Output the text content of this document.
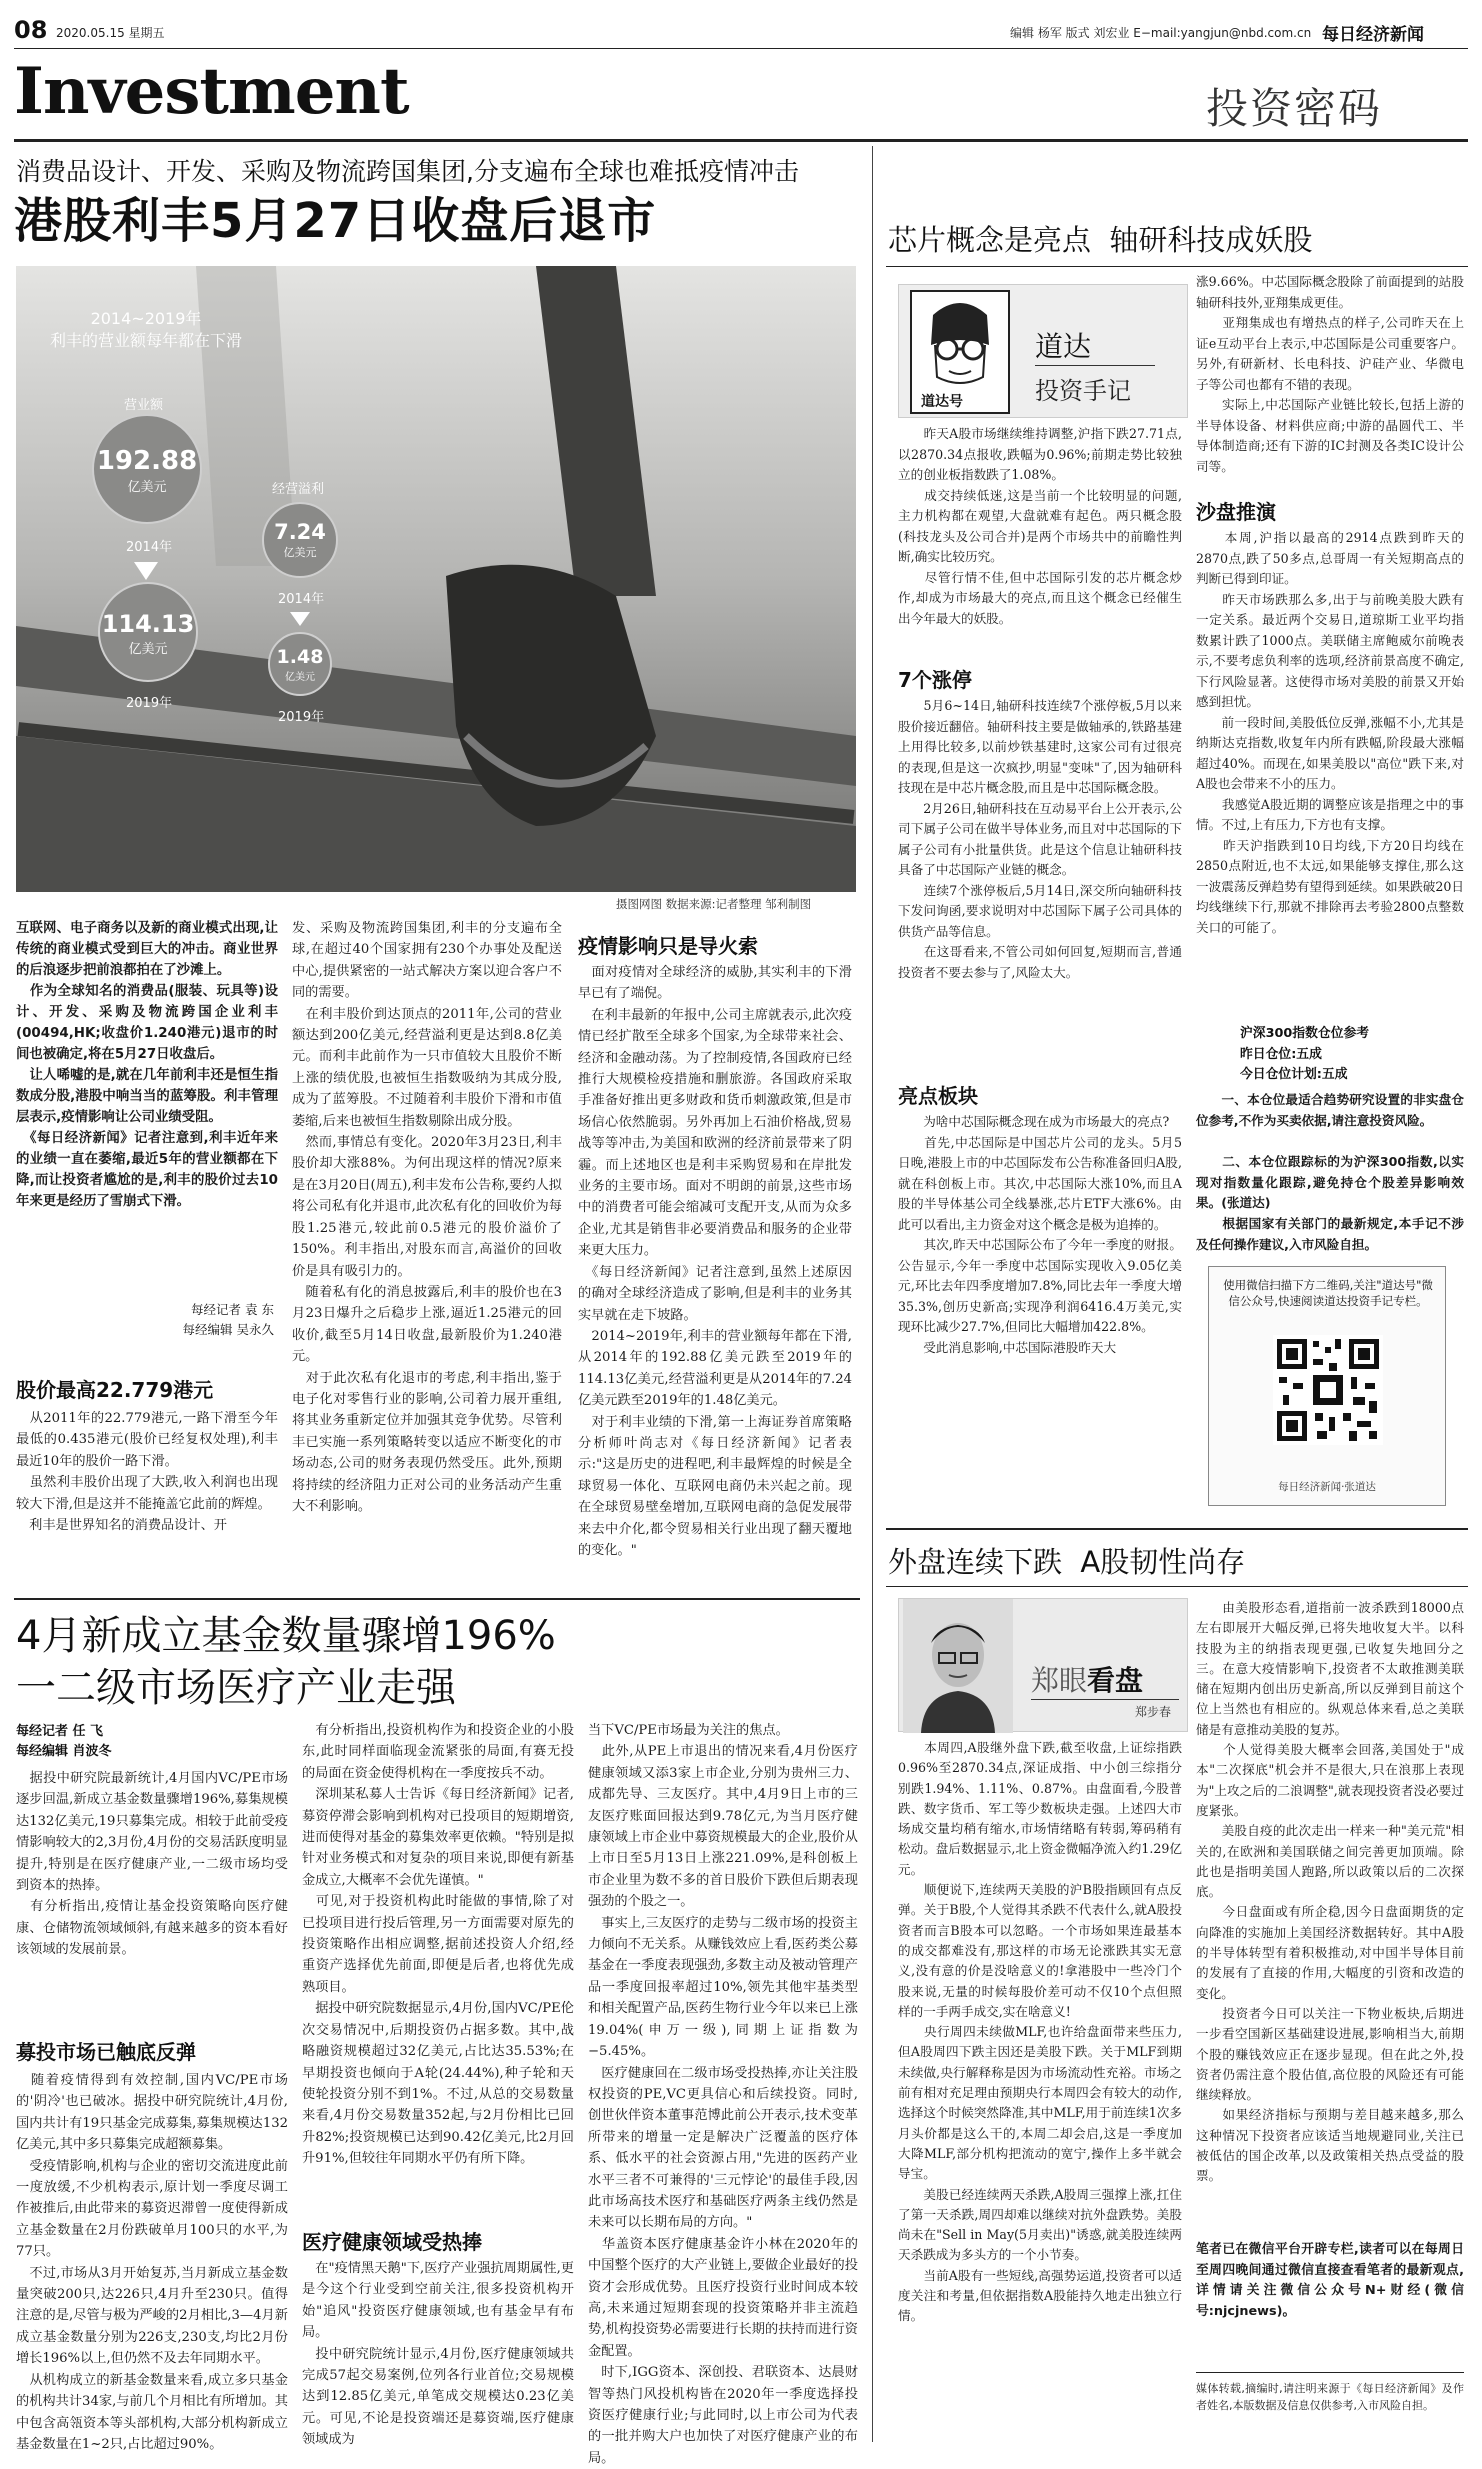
08 2020.05.15 星期五	编辑 杨军 版式 刘宏业 E−mail:yangjun@nbd.com.cn 每日经济新闻
Investment	投资密码
消费品设计、开发、采购及物流跨国集团,分支遍布全球也难抵疫情冲击
港股利丰5月27日收盘后退市
2014~2019年
利丰的营业额每年都在下滑
营业额
192.88
亿美元
2014年
114.13
亿美元
2019年
经营溢利
7.24
亿美元
2014年
1.48
亿美元
2019年
摄图网图 数据来源:记者整理 邹利制图
互联网、电子商务以及新的商业模式出现,让传统的商业模式受到巨大的冲击。商业世界的后浪逐步把前浪都拍在了沙滩上。
　作为全球知名的消费品(服装、玩具等)设计、开发、采购及物流跨国企业利丰(00494,HK;收盘价1.240港元)退市的时间也被确定,将在5月27日收盘后。
　让人唏嘘的是,就在几年前利丰还是恒生指数成分股,港股中响当当的蓝筹股。利丰管理层表示,疫情影响让公司业绩受阻。
　《每日经济新闻》记者注意到,利丰近年来的业绩一直在萎缩,最近5年的营业额都在下降,而让投资者尴尬的是,利丰的股价过去10年来更是经历了雪崩式下滑。
每经记者 袁 东
每经编辑 吴永久
股价最高22.779港元
　从2011年的22.779港元,一路下滑至今年最低的0.435港元(股价已经复权处理),利丰最近10年的股价一路下滑。
　虽然利丰股价出现了大跌,收入利润也出现较大下滑,但是这并不能掩盖它此前的辉煌。
　利丰是世界知名的消费品设计、开
发、采购及物流跨国集团,利丰的分支遍布全球,在超过40个国家拥有230个办事处及配送中心,提供紧密的一站式解决方案以迎合客户不同的需要。
　在利丰股价到达顶点的2011年,公司的营业额达到200亿美元,经营溢利更是达到8.8亿美元。而利丰此前作为一只市值较大且股价不断上涨的绩优股,也被恒生指数吸纳为其成分股,成为了蓝筹股。不过随着利丰股价下滑和市值萎缩,后来也被恒生指数剔除出成分股。
　然而,事情总有变化。2020年3月23日,利丰股价却大涨88%。为何出现这样的情况?原来是在3月20日(周五),利丰发布公告称,要约人拟将公司私有化并退市,此次私有化的回收价为每股1.25港元,较此前0.5港元的股价溢价了150%。利丰指出,对股东而言,高溢价的回收价是具有吸引力的。
　随着私有化的消息披露后,利丰的股价也在3月23日爆升之后稳步上涨,逼近1.25港元的回收价,截至5月14日收盘,最新股价为1.240港元。
　对于此次私有化退市的考虑,利丰指出,鉴于电子化对零售行业的影响,公司着力展开重组,将其业务重新定位并加强其竞争优势。尽管利丰已实施一系列策略转变以适应不断变化的市场动态,公司的财务表现仍然受压。此外,预期将持续的经济阻力正对公司的业务活动产生重大不利影响。
疫情影响只是导火索
　面对疫情对全球经济的威胁,其实利丰的下滑早已有了端倪。
　在利丰最新的年报中,公司主席就表示,此次疫情已经扩散至全球多个国家,为全球带来社会、经济和金融动荡。为了控制疫情,各国政府已经推行大规模检疫措施和删旅游。各国政府采取手准备好推出更多财政和货币刺激政策,但是市场信心依然脆弱。另外再加上石油价格战,贸易战等等冲击,为美国和欧洲的经济前景带来了阴霾。而上述地区也是利丰采购贸易和在岸批发业务的主要市场。面对不明朗的前景,这些市场中的消费者可能会缩减可支配开支,从而为众多企业,尤其是销售非必要消费品和服务的企业带来更大压力。
　《每日经济新闻》记者注意到,虽然上述原因的确对全球经济造成了影响,但是利丰的业务其实早就在走下坡路。
　2014~2019年,利丰的营业额每年都在下滑,从2014年的192.88亿美元跌至2019年的114.13亿美元,经营溢利更是从2014年的7.24亿美元跌至2019年的1.48亿美元。
　对于利丰业绩的下滑,第一上海证券首席策略分析师叶尚志对《每日经济新闻》记者表示:"这是历史的进程吧,利丰最辉煌的时候是全球贸易一体化、互联网电商仍未兴起之前。现在全球贸易壁垒增加,互联网电商的急促发展带来去中介化,都令贸易相关行业出现了翻天覆地的变化。"
4月新成立基金数量骤增196%
一二级市场医疗产业走强
每经记者 任 飞
每经编辑 肖波冬
　据投中研究院最新统计,4月国内VC/PE市场逐步回温,新成立基金数量骤增196%,募集规模达132亿美元,19只募集完成。相较于此前受疫情影响较大的2,3月份,4月份的交易活跃度明显提升,特别是在医疗健康产业,一二级市场均受到资本的热捧。
　有分析指出,疫情让基金投资策略向医疗健康、仓储物流领域倾斜,有越来越多的资本看好该领域的发展前景。
募投市场已触底反弹
　随着疫情得到有效控制,国内VC/PE市场的'阴冷'也已破冰。据投中研究院统计,4月份,国内共计有19只基金完成募集,募集规模达132亿美元,其中多只募集完成超额募集。
　受疫情影响,机构与企业的密切交流进度此前一度放缓,不少机构表示,原计划一季度尽调工作被推后,由此带来的募资迟滞曾一度使得新成立基金数量在2月份跌破单月100只的水平,为77只。
　不过,市场从3月开始复苏,当月新成立基金数量突破200只,达226只,4月升至230只。值得注意的是,尽管与极为严峻的2月相比,3—4月新成立基金数量分别为226支,230支,均比2月份增长196%以上,但仍然不及去年同期水平。
　从机构成立的新基金数量来看,成立多只基金的机构共计34家,与前几个月相比有所增加。其中包含高瓴资本等头部机构,大部分机构新成立基金数量在1~2只,占比超过90%。
　有分析指出,投资机构作为和投资企业的小股东,此时同样面临现金流紧张的局面,有赛无投的局面在资金使得机构在一季度按兵不动。
　深圳某私募人士告诉《每日经济新闻》记者,募资停滞会影响到机构对已投项目的短期增资,进而使得对基金的募集效率更依赖。"特别是拟针对业务模式和对复杂的项目来说,即便有新基金成立,大概率不会优先谨慎。"
　可见,对于投资机构此时能做的事情,除了对已投项目进行投后管理,另一方面需要对原先的投资策略作出相应调整,据前述投资人介绍,经重资产选择优先前面,即便是后者,也将优先成熟项目。
　据投中研究院数据显示,4月份,国内VC/PE伦次交易情况中,后期投资仍占据多数。其中,战略融资规模超过32亿美元,占比达35.53%;在早期投资也倾向于A轮(24.44%),种子轮和天使轮投资分别不到1%。不过,从总的交易数量来看,4月份交易数量352起,与2月份相比已回升82%;投资规模已达到90.42亿美元,比2月回升91%,但较往年同期水平仍有所下降。
医疗健康领域受热捧
　在"疫情黑天鹅"下,医疗产业强抗周期属性,更是今这个行业受到空前关注,很多投资机构开始"追风"投资医疗健康领域,也有基金早有布局。
　投中研究院统计显示,4月份,医疗健康领域共完成57起交易案例,位列各行业首位;交易规模达到12.85亿美元,单笔成交规模达0.23亿美元。可见,不论是投资端还是募资端,医疗健康领域成为
当下VC/PE市场最为关注的焦点。
　此外,从PE上市退出的情况来看,4月份医疗健康领域又添3家上市企业,分别为贵州三力、成都先导、三友医疗。其中,4月9日上市的三友医疗账面回报达到9.78亿元,为当月医疗健康领域上市企业中募资规模最大的企业,股价从上市日至5月13日上涨221.09%,是科创板上市企业里为数不多的首日股价下跌但后期表现强劲的个股之一。
　事实上,三友医疗的走势与二级市场的投资主力倾向不无关系。从赚钱效应上看,医药类公募基金在一季度表现强劲,多数主动及被动管理产品一季度回报率超过10%,领先其他牢基类型和相关配置产品,医药生物行业今年以来已上涨19.04%(申万一级),同期上证指数为−5.45%。
　医疗健康回在二级市场受投热捧,亦让关注股权投资的PE,VC更具信心和后续投资。同时,创世伙伴资本董事范博此前公开表示,技术变革所带来的增量一定是解决广泛覆盖的医疗体系、低水平的社会资源占用,"先进的医药产业水平三者不可兼得的'三元悖论'的最佳手段,因此市场高技术医疗和基础医疗两条主线仍然是未来可以长期布局的方向。"
　华盖资本医疗健康基金许小林在2020年的中国整个医疗的大产业链上,要做企业最好的投资才会形成优势。且医疗投资行业时间成本较高,未来通过短期套现的投资策略并非主流趋势,机构投资势必需要进行长期的扶持而进行资金配置。
　时下,IGG资本、深创投、君联资本、达晨财智等热门风投机构皆在2020年一季度选择投资医疗健康行业;与此同时,以上市公司为代表的一批并购大户也加快了对医疗健康产业的布局。
芯片概念是亮点  轴研科技成妖股
道达号
道达
投资手记
　　昨天A股市场继续维持调整,沪指下跌27.71点,以2870.34点报收,跌幅为0.96%;前期走势比较独立的创业板指数跌了1.08%。
　　成交持续低迷,这是当前一个比较明显的问题,主力机构都在观望,大盘就难有起色。两只概念股(科技龙头及公司合并)是两个市场共中的前瞻性判断,确实比较历究。
　　尽管行情不佳,但中芯国际引发的芯片概念炒作,却成为市场最大的亮点,而且这个概念已经催生出今年最大的妖股。
7个涨停
　　5月6~14日,轴研科技连续7个涨停板,5月以来股价接近翻倍。轴研科技主要是做轴承的,铁路基建上用得比较多,以前炒铁基建时,这家公司有过很亮的表现,但是这一次疯抄,明显"变味"了,因为轴研科技现在是中芯片概念股,而且是中芯国际概念股。
　　2月26日,轴研科技在互动易平台上公开表示,公司下属子公司在做半导体业务,而且对中芯国际的下属子公司有小批量供货。此是这个信息让轴研科技具备了中芯国际产业链的概念。
　　连续7个涨停板后,5月14日,深交所向轴研科技下发问询函,要求说明对中芯国际下属子公司具体的供货产品等信息。
　　在这哥看来,不管公司如何回复,短期而言,普通投资者不要去参与了,风险太大。
亮点板块
　　为啥中芯国际概念现在成为市场最大的亮点?
　　首先,中芯国际是中国芯片公司的龙头。5月5日晚,港股上市的中芯国际发布公告称准备回归A股,就在科创板上市。其次,中芯国际大涨10%,而且A股的半导体基公司全线暴涨,芯片ETF大涨6%。由此可以看出,主力资金对这个概念是极为追捧的。
　　其次,昨天中芯国际公布了今年一季度的财报。公告显示,今年一季度中芯国际实现收入9.05亿美元,环比去年四季度增加7.8%,同比去年一季度大增35.3%,创历史新高;实现净利润6416.4万美元,实现环比减少27.7%,但同比大幅增加422.8%。
　　受此消息影响,中芯国际港股昨天大
涨9.66%。中芯国际概念股除了前面提到的站股轴研科技外,亚翔集成更佳。
　　亚翔集成也有增热点的样子,公司昨天在上证e互动平台上表示,中芯国际是公司重要客户。另外,有研新材、长电科技、沪硅产业、华微电子等公司也都有不错的表现。
　　实际上,中芯国际产业链比较长,包括上游的半导体设备、材料供应商;中游的晶圆代工、半导体制造商;还有下游的IC封测及各类IC设计公司等。
沙盘推演
　　本周,沪指以最高的2914点跌到昨天的2870点,跌了50多点,总哥周一有关短期高点的判断已得到印证。
　　昨天市场跌那么多,出于与前晚美股大跌有一定关系。最近两个交易日,道琼斯工业平均指数累计跌了1000点。美联储主席鲍威尔前晚表示,不要考虑负利率的选项,经济前景高度不确定,下行风险显著。这使得市场对美股的前景又开始感到担忧。
　　前一段时间,美股低位反弹,涨幅不小,尤其是纳斯达克指数,收复年内所有跌幅,阶段最大涨幅超过40%。而现在,如果美股以"高位"跌下来,对A股也会带来不小的压力。
　　我感觉A股近期的调整应该是指理之中的事情。不过,上有压力,下方也有支撑。
　　昨天沪指跌到10日均线,下方20日均线在2850点附近,也不太远,如果能够支撑住,那么这一波震荡反弹趋势有望得到延续。如果跌破20日均线继续下行,那就不排除再去考验2800点整数关口的可能了。
沪深300指数仓位参考
昨日仓位:五成
今日仓位计划:五成
　　一、本仓位最适合趋势研究设置的非实盘仓位参考,不作为买卖依据,请注意投资风险。
　　二、本仓位跟踪标的为沪深300指数,以实现对指数量化跟踪,避免持仓个股差异影响效果。(张道达)
　　根据国家有关部门的最新规定,本手记不涉及任何操作建议,入市风险自担。
使用微信扫描下方二维码,关注"道达号"微信公众号,快速阅读道达投资手记专栏。
每日经济新闻·张道达
外盘连续下跌  A股韧性尚存
郑眼看盘
郑步春
　　本周四,A股继外盘下跌,截至收盘,上证综指跌0.96%至2870.34点,深证成指、中小创三综指分别跌1.94%、1.11%、0.87%。由盘面看,今股普跌、数字货币、军工等少数板块走强。上述四大市场成交量均稍有缩水,市场情绪略有转弱,筹码稍有松动。盘后数据显示,北上资金微幅净流入约1.29亿元。
　　顺便说下,连续两天美股的沪B股指顾回有点反弹。关于B股,个人觉得其杀跌不代表什么,就A股投资者而言B股本可以忽略。一个市场如果连最基本的成交都难没有,那这样的市场无论涨跌其实无意义,没有意的价是没啥意义的!拿港股中一些冷门个股来说,无量的时候每股价差可动不仅10个点但照样的一手两手成交,实在啥意义!
　　央行周四未续做MLF,也许给盘面带来些压力,但A股周四下跌主因还是美股下跌。关于MLF到期未续做,央行解释称是因为市场流动性充裕。市场之前有相对充足理由预期央行本周四会有较大的动作,选择这个时候突然降准,其中MLF,用于前连续1次多月头价都是这么干的,本周二却会启,这是一季度加大降MLF,部分机构把流动的宽宁,操作上多半就会导宝。
　　美股已经连续两天杀跌,A股周三强撑上涨,扛住了第一天杀跌,周四却难以继续对抗外盘跌势。美股尚未在"Sell in May(5月卖出)"诱惑,就美股连续两天杀跌成为多头方的一个小节奏。
　　当前A股有一些短线,高强势运道,投资者可以适度关注和考量,但依据指数A股能持久地走出独立行情。
　　由美股形态看,道指前一波杀跌到18000点左右即展开大幅反弹,已将失地收复大半。以科技股为主的纳指表现更强,已收复失地回分之三。在意大疫情影响下,投资者不太敢推测美联储在短期内创出历史新高,所以反弹到目前这个位上当然也有相应的。纵观总体来看,总之美联储是有意推动美股的复苏。
　　个人觉得美股大概率会回落,美国处于"成本"二次探底"机会并不是很大,只在浪那上表现为"上攻之后的二浪调整",就表现投资者没必要过度紧张。
　　美股自疫的此次走出一样来一种"美元荒"相关的,在欧洲和美国联储之间完善更加顶端。除此也是指明美国人跑路,所以政策以后的二次探底。
　　今日盘面或有所企稳,因今日盘面期货的定向降准的实施加上美国经济数据转好。其中A股的半导体转型有着积极推动,对中国半导体目前的发展有了直接的作用,大幅度的引资和改造的变化。
　　投资者今日可以关注一下物业板块,后期进一步看空国新区基础建设进展,影响相当大,前期个股的赚钱效应正在逐步显现。但在此之外,投资者仍需注意个股估值,高位股的风险还有可能继续释放。
　　如果经济指标与预期与差目越来越多,那么这种情况下投资者应该适当地规避同业,关注已被低估的国企改革,以及政策相关热点受益的股票。
笔者已在微信平台开辟专栏,读者可以在每周日至周四晚间通过微信直接查看笔者的最新观点,详情请关注微信公众号N+财经(微信号:njcjnews)。
媒体转载,摘编时,请注明来源于《每日经济新闻》及作者姓名,本版数据及信息仅供参考,入市风险自担。
